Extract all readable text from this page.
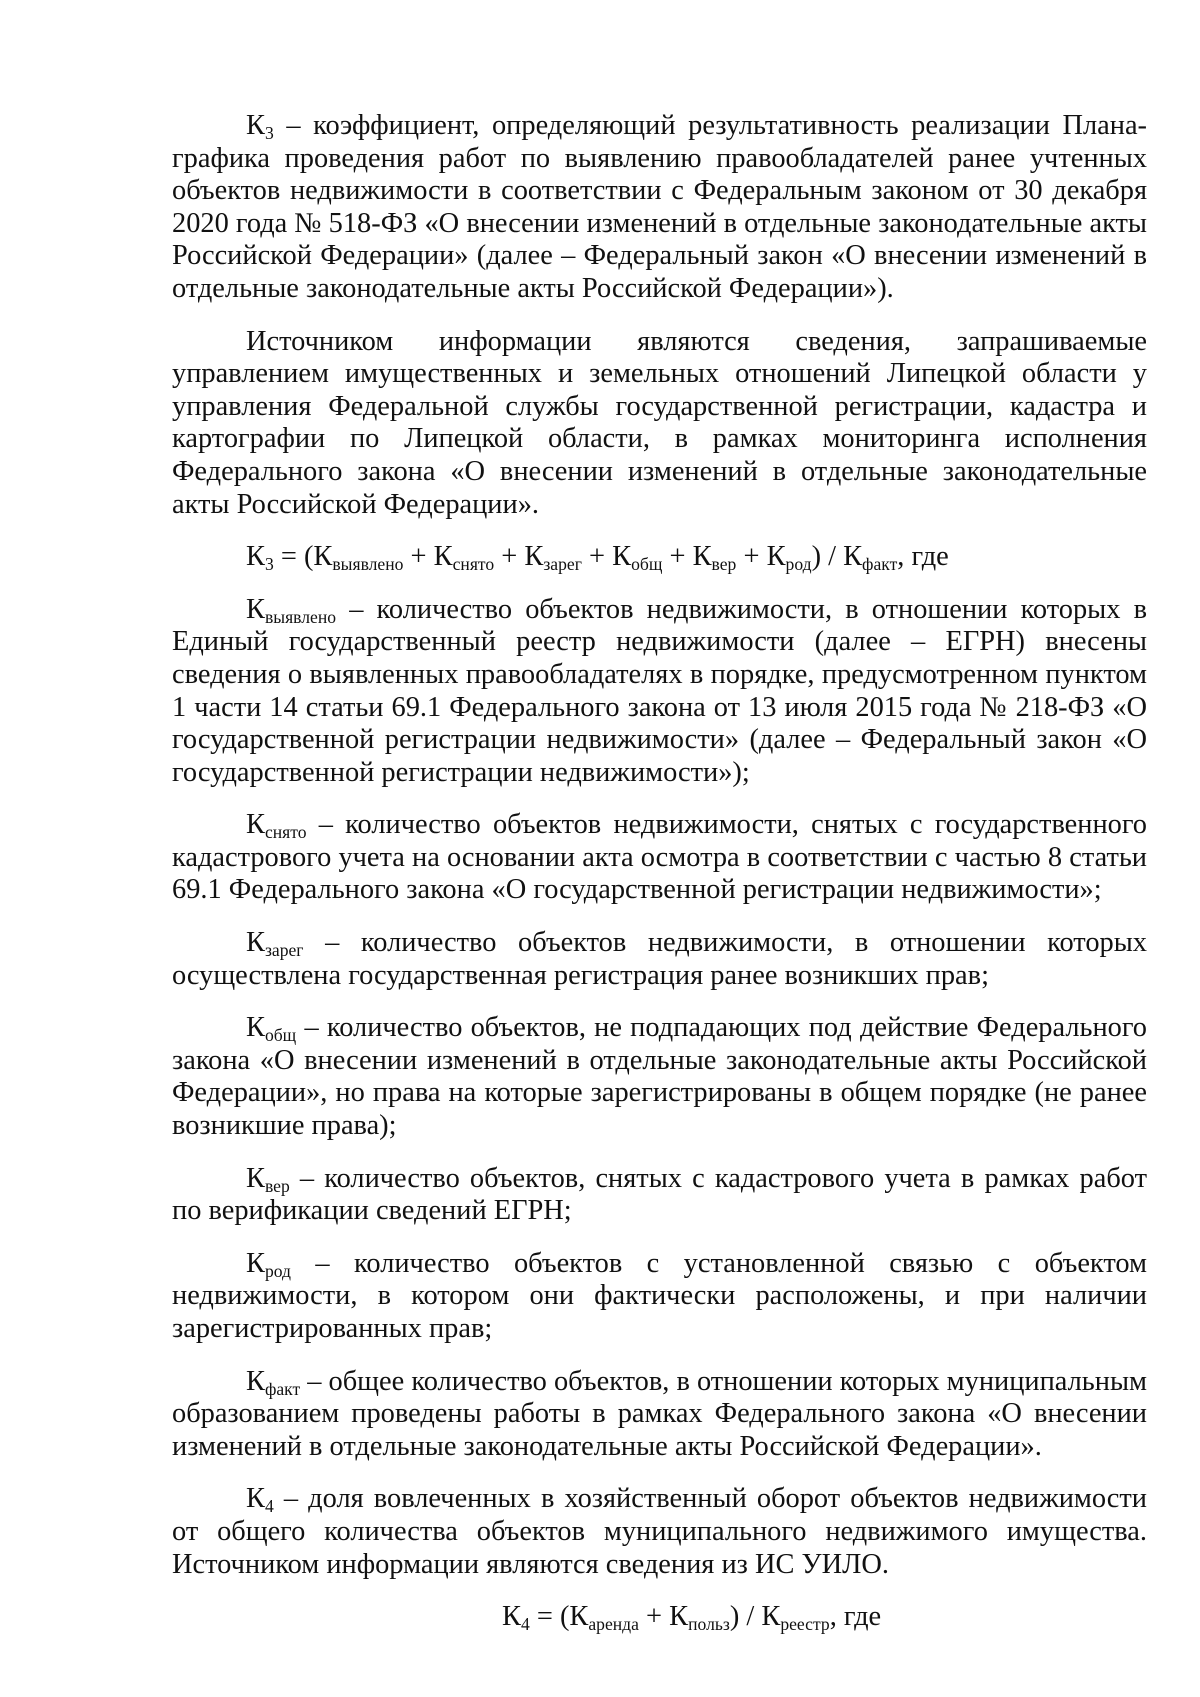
$К_3$ – коэффициент, определяющий результативность реализации Плана-графика проведения работ по выявлению правообладателей ранее учтенных объектов недвижимости в соответствии с Федеральным законом от 30 декабря 2020 года № 518-ФЗ «О внесении изменений в отдельные законодательные акты Российской Федерации» (далее – Федеральный закон «О внесении изменений в отдельные законодательные акты Российской Федерации»).

Источником информации являются сведения, запрашиваемые управлением имущественных и земельных отношений Липецкой области у управления Федеральной службы государственной регистрации, кадастра и картографии по Липецкой области, в рамках мониторинга исполнения Федерального закона «О внесении изменений в отдельные законодательные акты Российской Федерации».

$К_3 = (К_{выявлено} + К_{снято} + К_{зарег} + К_{общ} + К_{вер} + К_{род}) / К_{факт}$, где

$К_{выявлено}$ – количество объектов недвижимости, в отношении которых в Единый государственный реестр недвижимости (далее – ЕГРН) внесены сведения о выявленных правообладателях в порядке, предусмотренном пунктом 1 части 14 статьи 69.1 Федерального закона от 13 июля 2015 года № 218-ФЗ «О государственной регистрации недвижимости» (далее – Федеральный закон «О государственной регистрации недвижимости»);

$К_{снято}$ – количество объектов недвижимости, снятых с государственного кадастрового учета на основании акта осмотра в соответствии с частью 8 статьи 69.1 Федерального закона «О государственной регистрации недвижимости»;

$К_{зарег}$ – количество объектов недвижимости, в отношении которых осуществлена государственная регистрация ранее возникших прав;

$К_{общ}$ – количество объектов, не подпадающих под действие Федерального закона «О внесении изменений в отдельные законодательные акты Российской Федерации», но права на которые зарегистрированы в общем порядке (не ранее возникшие права);

$К_{вер}$ – количество объектов, снятых с кадастрового учета в рамках работ по верификации сведений ЕГРН;

$К_{род}$ – количество объектов с установленной связью с объектом недвижимости, в котором они фактически расположены, и при наличии зарегистрированных прав;

$К_{факт}$ – общее количество объектов, в отношении которых муниципальным образованием проведены работы в рамках Федерального закона «О внесении изменений в отдельные законодательные акты Российской Федерации».

$К_4$ – доля вовлеченных в хозяйственный оборот объектов недвижимости от общего количества объектов муниципального недвижимого имущества. Источником информации являются сведения из ИС УИЛО.

$К_4 = (К_{аренда} + К_{польз}) / К_{реестр}$, где
